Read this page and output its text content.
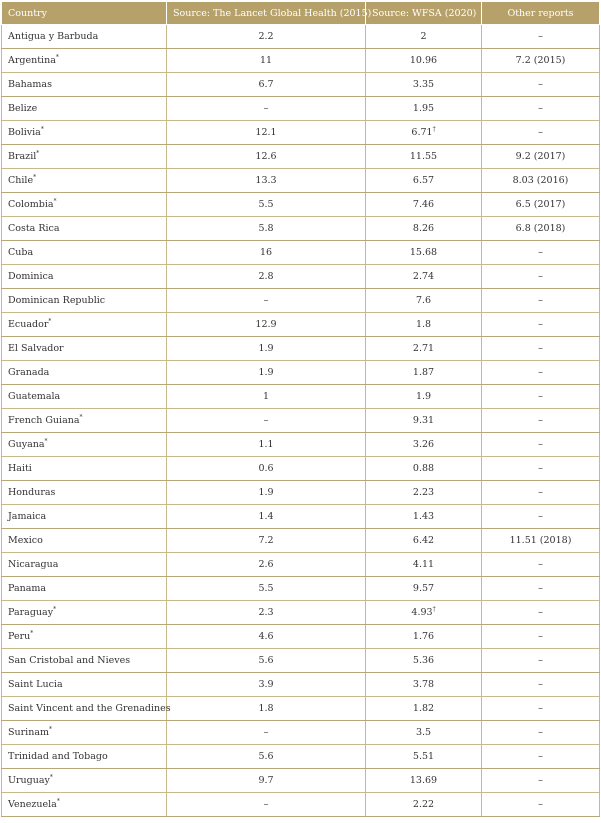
Country	Source: The Lancet Global Health (2015)	Source: WFSA (2020)	Other reports
Antigua y Barbuda	2.2	2	–
Argentina*	11	10.96	7.2 (2015)
Bahamas	6.7	3.35	–
Belize	–	1.95	–
Bolivia*	12.1	6.71†	–
Brazil*	12.6	11.55	9.2 (2017)
Chile*	13.3	6.57	8.03 (2016)
Colombia*	5.5	7.46	6.5 (2017)
Costa Rica	5.8	8.26	6.8 (2018)
Cuba	16	15.68	–
Dominica	2.8	2.74	–
Dominican Republic	–	7.6	–
Ecuador*	12.9	1.8	–
El Salvador	1.9	2.71	–
Granada	1.9	1.87	–
Guatemala	1	1.9	–
French Guiana*	–	9.31	–
Guyana*	1.1	3.26	–
Haiti	0.6	0.88	–
Honduras	1.9	2.23	–
Jamaica	1.4	1.43	–
Mexico	7.2	6.42	11.51 (2018)
Nicaragua	2.6	4.11	–
Panama	5.5	9.57	–
Paraguay*	2.3	4.93†	–
Peru*	4.6	1.76	–
San Cristobal and Nieves	5.6	5.36	–
Saint Lucia	3.9	3.78	–
Saint Vincent and the Grenadines	1.8	1.82	–
Surinam*	–	3.5	–
Trinidad and Tobago	5.6	5.51	–
Uruguay*	9.7	13.69	–
Venezuela*	–	2.22	–
